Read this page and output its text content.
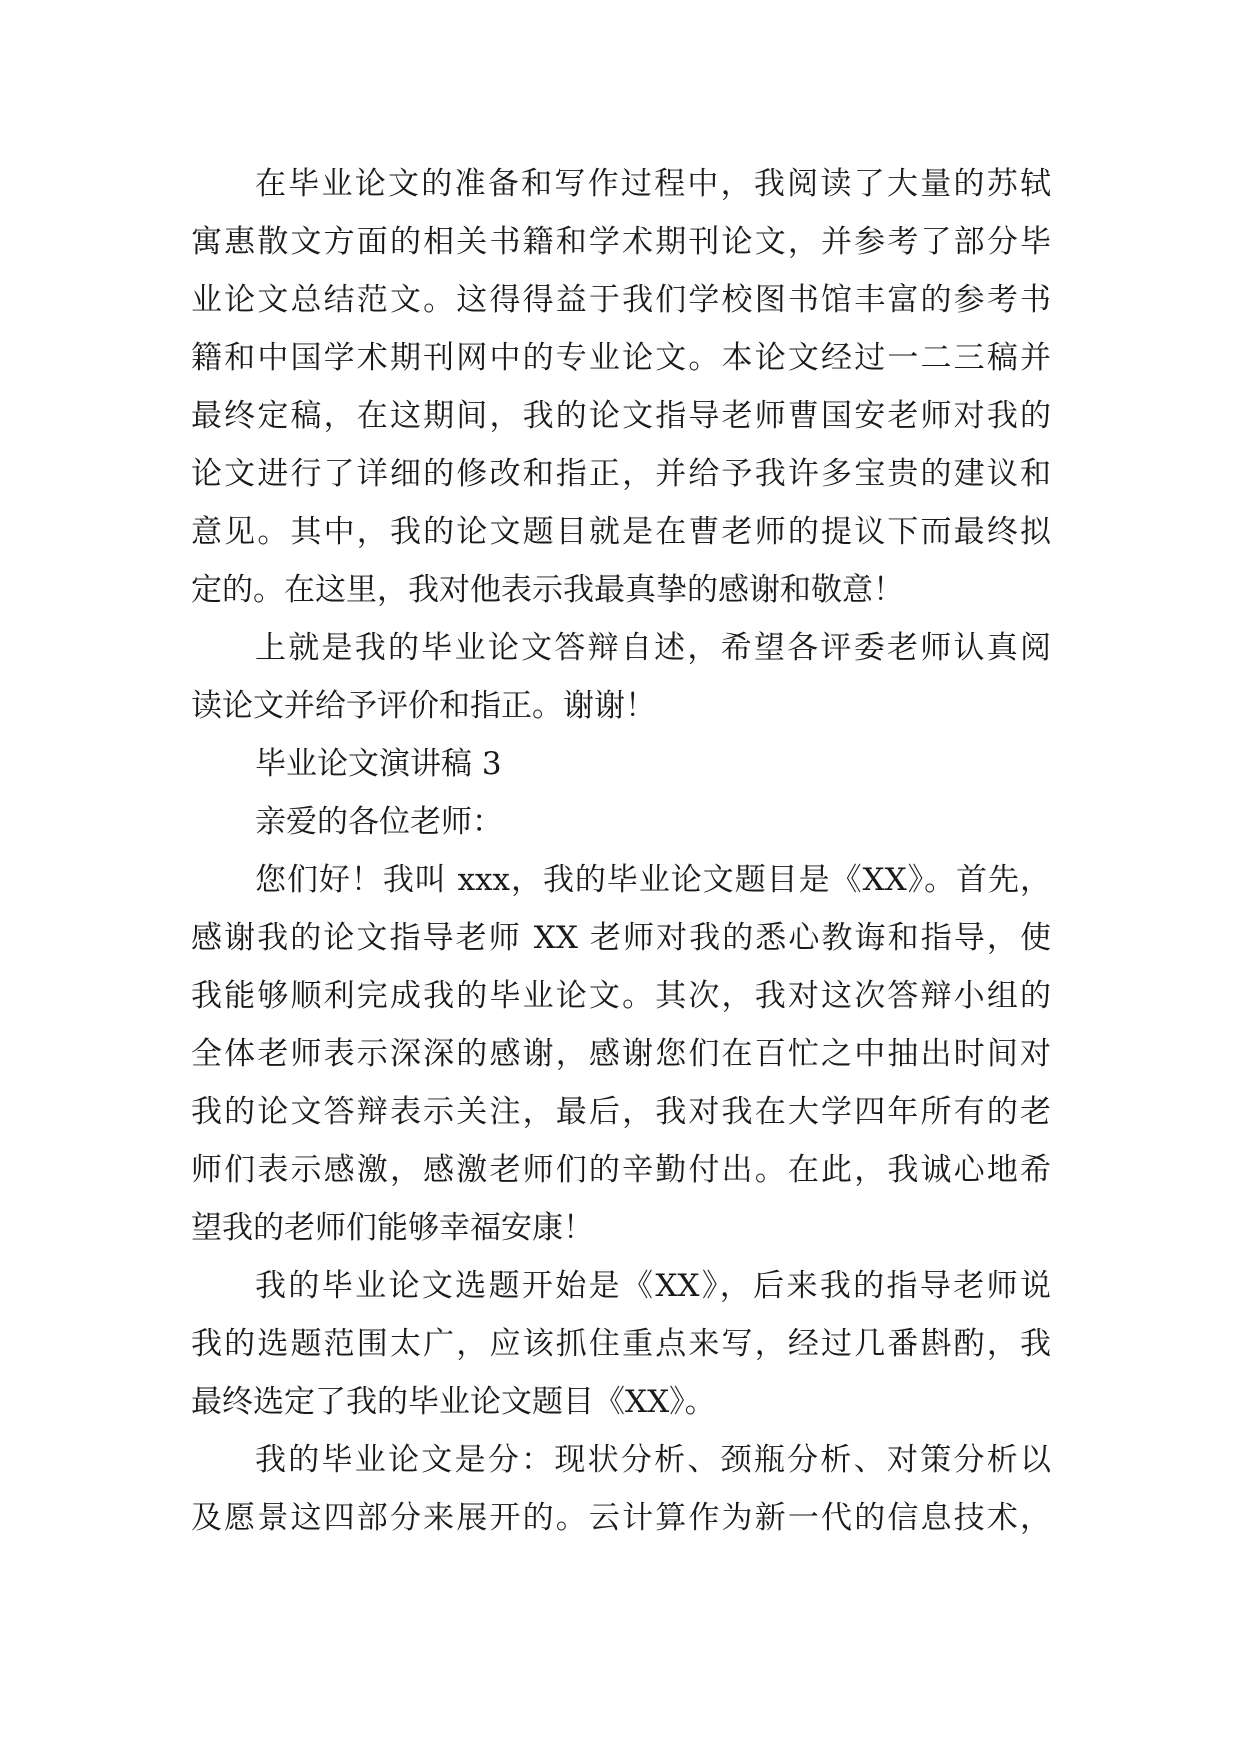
在毕业论文的准备和写作过程中，我阅读了大量的苏轼
寓惠散文方面的相关书籍和学术期刊论文，并参考了部分毕
业论文总结范文。这得得益于我们学校图书馆丰富的参考书
籍和中国学术期刊网中的专业论文。本论文经过一二三稿并
最终定稿，在这期间，我的论文指导老师曹国安老师对我的
论文进行了详细的修改和指正，并给予我许多宝贵的建议和
意见。其中，我的论文题目就是在曹老师的提议下而最终拟
定的。在这里，我对他表示我最真挚的感谢和敬意！

上就是我的毕业论文答辩自述，希望各评委老师认真阅
读论文并给予评价和指正。谢谢！

毕业论文演讲稿 3

亲爱的各位老师：

您们好！我叫 xxx，我的毕业论文题目是《XX》。首先，
感谢我的论文指导老师 XX 老师对我的悉心教诲和指导，使
我能够顺利完成我的毕业论文。其次，我对这次答辩小组的
全体老师表示深深的感谢，感谢您们在百忙之中抽出时间对
我的论文答辩表示关注，最后，我对我在大学四年所有的老
师们表示感激，感激老师们的辛勤付出。在此，我诚心地希
望我的老师们能够幸福安康！

我的毕业论文选题开始是《XX》，后来我的指导老师说
我的选题范围太广，应该抓住重点来写，经过几番斟酌，我
最终选定了我的毕业论文题目《XX》。

我的毕业论文是分：现状分析、颈瓶分析、对策分析以
及愿景这四部分来展开的。云计算作为新一代的信息技术，
